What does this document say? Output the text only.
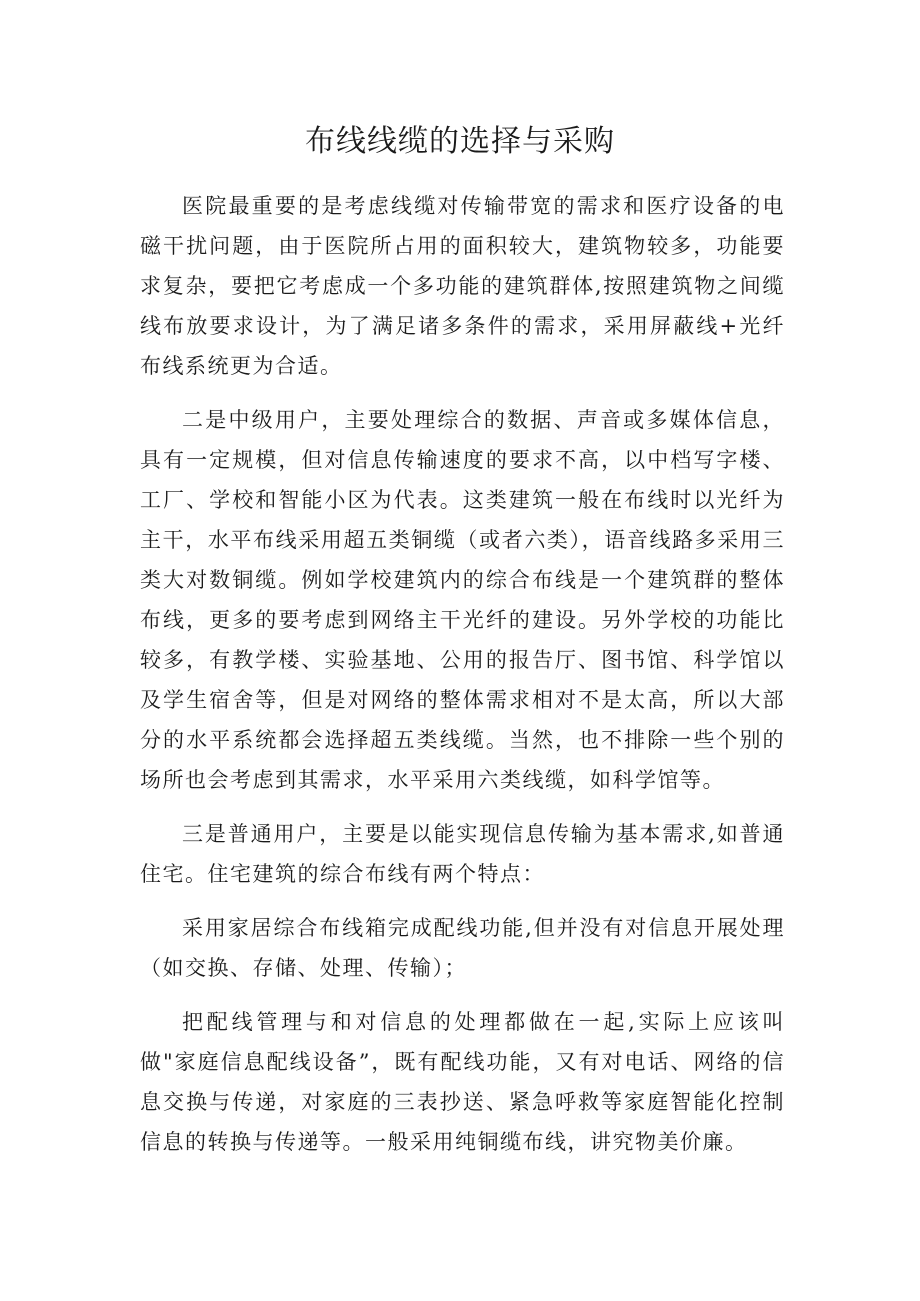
布线线缆的选择与采购

医院最重要的是考虑线缆对传输带宽的需求和医疗设备的电磁干扰问题，由于医院所占用的面积较大，建筑物较多，功能要求复杂，要把它考虑成一个多功能的建筑群体,按照建筑物之间缆线布放要求设计，为了满足诸多条件的需求，采用屏蔽线+光纤布线系统更为合适。

二是中级用户，主要处理综合的数据、声音或多媒体信息，具有一定规模，但对信息传输速度的要求不高，以中档写字楼、工厂、学校和智能小区为代表。这类建筑一般在布线时以光纤为主干，水平布线采用超五类铜缆（或者六类），语音线路多采用三类大对数铜缆。例如学校建筑内的综合布线是一个建筑群的整体布线，更多的要考虑到网络主干光纤的建设。另外学校的功能比较多，有教学楼、实验基地、公用的报告厅、图书馆、科学馆以及学生宿舍等，但是对网络的整体需求相对不是太高，所以大部分的水平系统都会选择超五类线缆。当然，也不排除一些个别的场所也会考虑到其需求，水平采用六类线缆，如科学馆等。

三是普通用户，主要是以能实现信息传输为基本需求,如普通住宅。住宅建筑的综合布线有两个特点：

采用家居综合布线箱完成配线功能,但并没有对信息开展处理（如交换、存储、处理、传输）；

把配线管理与和对信息的处理都做在一起,实际上应该叫做"家庭信息配线设备”，既有配线功能，又有对电话、网络的信息交换与传递，对家庭的三表抄送、紧急呼救等家庭智能化控制信息的转换与传递等。一般采用纯铜缆布线，讲究物美价廉。
